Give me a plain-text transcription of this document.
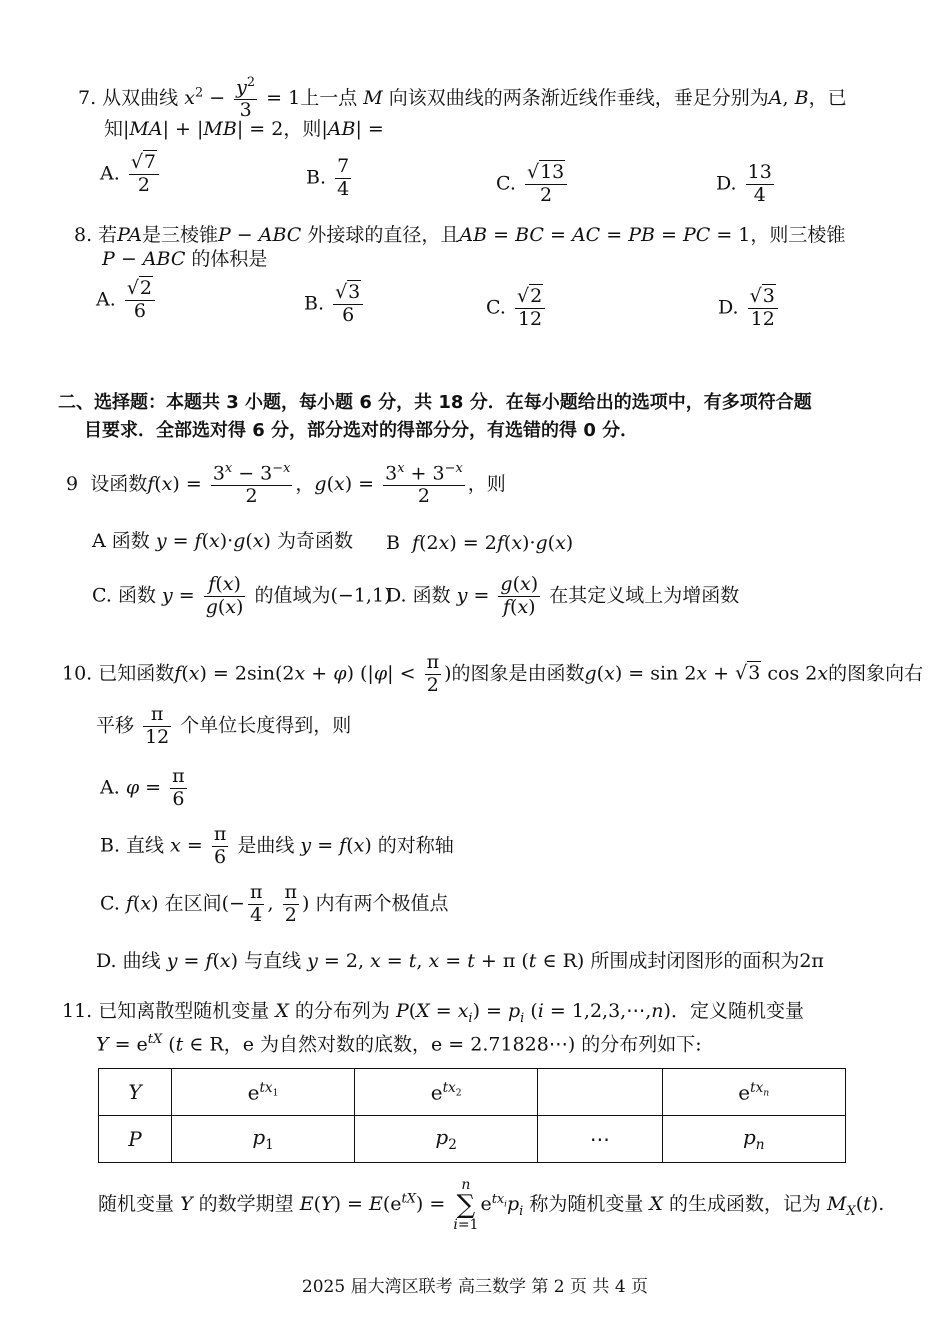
7. 从双曲线 $x^2 - \frac{y^2}{3} = 1$上一点 M 向该双曲线的两条渐近线作垂线，垂足分别为A, B，已
知|MA| + |MB| = 2，则|AB| =
A. $\frac{√7}{2}$	B. $\frac{7}{4}$	C. $\frac{√13}{2}$	D. $\frac{13}{4}$
8. 若PA是三棱锥P − ABC 外接球的直径，且AB = BC = AC = PB = PC = 1，则三棱锥
P − ABC 的体积是
A. $\frac{√2}{6}$	B. $\frac{√3}{6}$	C. $\frac{√2}{12}$	D. $\frac{√3}{12}$
二、选择题：本题共 3 小题，每小题 6 分，共 18 分．在每小题给出的选项中，有多项符合题
目要求．全部选对得 6 分，部分选对的得部分分，有选错的得 0 分．
9 设函数$f(x) = \frac{3^x - 3^{-x}}{2}$ ，$g(x) = \frac{3^x + 3^{-x}}{2}$ ，则
A 函数 y = f(x)·g(x) 为奇函数 B f(2x) = 2f(x)·g(x)
C. 函数 $y = \frac{f(x)}{g(x)}$ 的值域为(−1,1)
D. 函数 $y = \frac{g(x)}{f(x)}$ 在其定义域上为增函数
10. 已知函数f(x) = 2sin(2x + φ) ($|\varphi| < \frac{\pi}{2}$ )的图象是由函数g(x) = sin 2x + √3 cos 2x的图象向右
平移 $\frac{\pi}{12}$ 个单位长度得到，则
A. $\varphi = \frac{\pi}{6}$
B. 直线 $x = \frac{\pi}{6}$ 是曲线 y = f(x) 的对称轴
C. f(x) 在区间(− $\frac{\pi}{4}$ , $\frac{\pi}{2}$ ) 内有两个极值点
D. 曲线 y = f(x) 与直线 y = 2, x = t, x = t + π (t ∈ R) 所围成封闭图形的面积为2π
11. 已知离散型随机变量 X 的分布列为 $P(X = x_i) = p_i$ (i = 1,2,3,⋯,n)．定义随机变量
$Y = e^{tX}$ (t ∈ R，e 为自然对数的底数，e = 2.71828⋯) 的分布列如下:
Y	$e^{tx_1}$	$e^{tx_2}$		$e^{tx_n}$
P	$p_1$	$p_2$	⋯	$p_n$
随机变量 Y 的数学期望 $E(Y) = E(e^{tX}) = n$
∑
$i=1e^{tx_i}p_i$ 称为随机变量 X 的生成函数，记为 $M_X(t)$.
2025 届大湾区联考 高三数学 第 2 页 共 4 页
